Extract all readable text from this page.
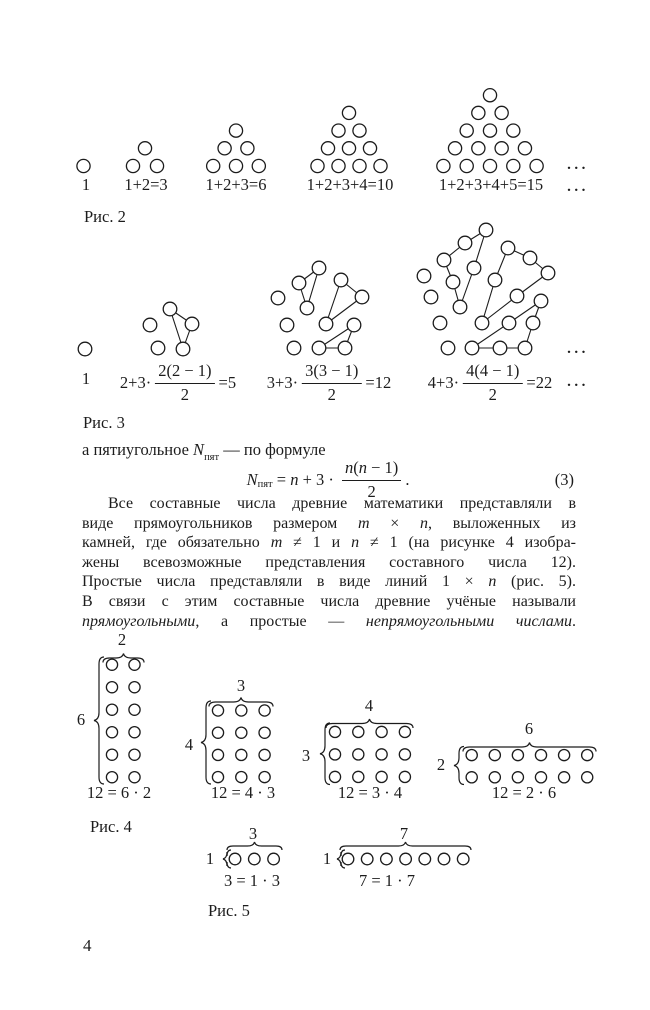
1 1+2=3 1+2+3=6 1+2+3+4=10	1+2+3+4+5=15
...
...
1 $2+3\cdot \frac{2(2 - 1)}{2} =5$ $3+3\cdot \frac{3(3 - 1)}{2} =12$ $4+3\cdot \frac{4(4 - 1)}{2} =22$
...
...
2
6
12 = 6 · 2
3
4
12 = 4 · 3
4
3
12 = 3 · 4
6
2
12 = 2 · 6
3
1
3 = 1 · 3
7
1
7 = 1 · 7
Рис. 2
Рис. 3
Рис. 4
Рис. 5
а пятиугольное $N_{пят}$ — по формуле
(3)
N пят = $n + 3 \cdot \frac{n(n - 1)}{2}$ .
Все составные числа древние математики представляли в
виде прямоугольников размером m × n, выложенных из
камней, где обязательно m ≠ 1 и n ≠ 1 (на рисунке 4 изобра-
жены всевозможные представления составного числа 12).
Простые числа представляли в виде линий 1 × n (рис. 5).
В связи с этим составные числа древние учёные называли
прямоугольными, а простые — непрямоугольными числами.
4
